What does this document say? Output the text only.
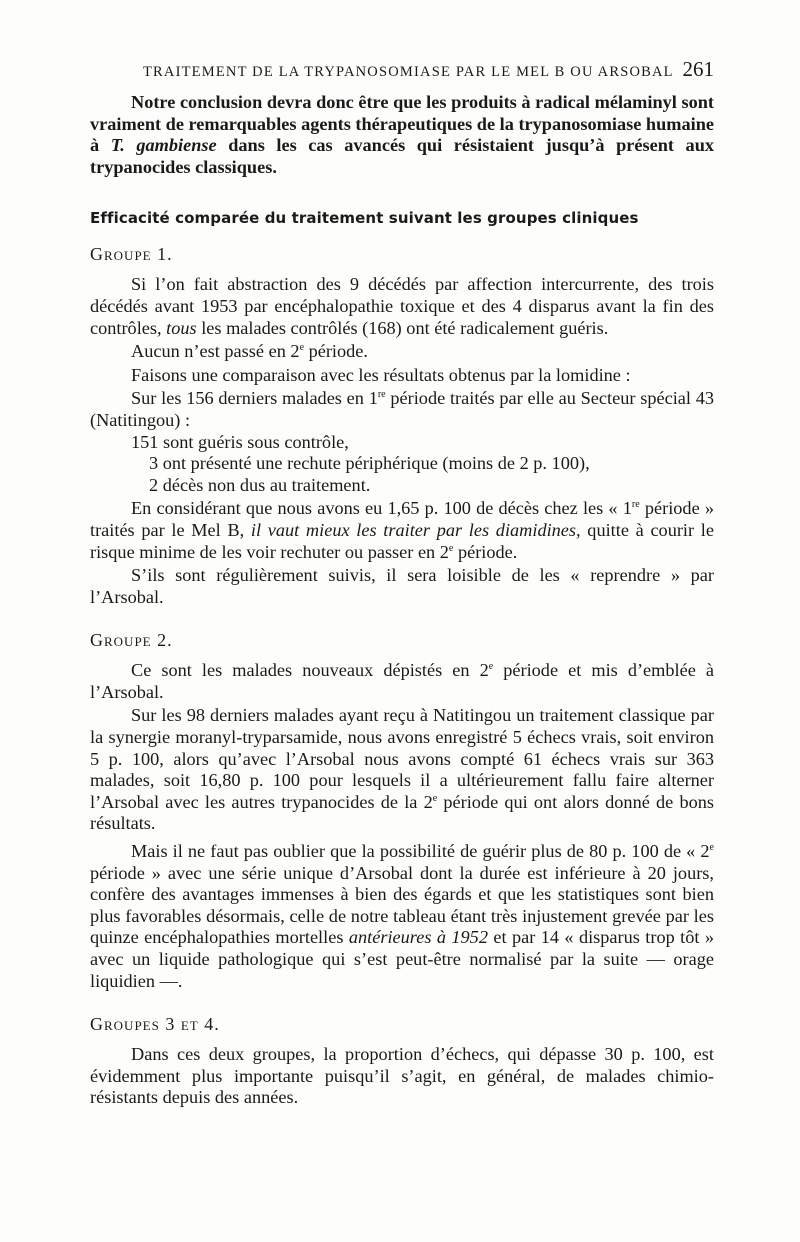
TRAITEMENT DE LA TRYPANOSOMIASE PAR LE MEL B OU ARSOBAL 261

Notre conclusion devra donc être que les produits à radical mélaminyl sont vraiment de remarquables agents thérapeutiques de la trypanosomiase humaine à T. gambiense dans les cas avancés qui résistaient jusqu’à présent aux trypanocides classiques.

Efficacité comparée du traitement suivant les groupes cliniques
Groupe 1.

Si l’on fait abstraction des 9 décédés par affection intercurrente, des trois décédés avant 1953 par encéphalopathie toxique et des 4 disparus avant la fin des contrôles, tous les malades contrôlés (168) ont été radicalement guéris.

Aucun n’est passé en 2e période.

Faisons une comparaison avec les résultats obtenus par la lomidine :

Sur les 156 derniers malades en 1re période traités par elle au Secteur spécial 43 (Natitingou) :

151 sont guéris sous contrôle,
3 ont présenté une rechute périphérique (moins de 2 p. 100),
2 décès non dus au traitement.

En considérant que nous avons eu 1,65 p. 100 de décès chez les « 1re période » traités par le Mel B, il vaut mieux les traiter par les diamidines, quitte à courir le risque minime de les voir rechuter ou passer en 2e période.

S’ils sont régulièrement suivis, il sera loisible de les « reprendre » par l’Arsobal.

Groupe 2.

Ce sont les malades nouveaux dépistés en 2e période et mis d’emblée à l’Arsobal.

Sur les 98 derniers malades ayant reçu à Natitingou un traitement classique par la synergie moranyl-tryparsamide, nous avons enregistré 5 échecs vrais, soit environ 5 p. 100, alors qu’avec l’Arsobal nous avons compté 61 échecs vrais sur 363 malades, soit 16,80 p. 100 pour lesquels il a ultérieurement fallu faire alterner l’Arsobal avec les autres trypanocides de la 2e période qui ont alors donné de bons résultats.

Mais il ne faut pas oublier que la possibilité de guérir plus de 80 p. 100 de « 2e période » avec une série unique d’Arsobal dont la durée est inférieure à 20 jours, confère des avantages immenses à bien des égards et que les statistiques sont bien plus favorables désormais, celle de notre tableau étant très injustement grevée par les quinze encéphalopathies mortelles antérieures à 1952 et par 14 « disparus trop tôt » avec un liquide pathologique qui s’est peut-être normalisé par la suite — orage liquidien —.

Groupes 3 et 4.

Dans ces deux groupes, la proportion d’échecs, qui dépasse 30 p. 100, est évidemment plus importante puisqu’il s’agit, en général, de malades chimio-résistants depuis des années.
